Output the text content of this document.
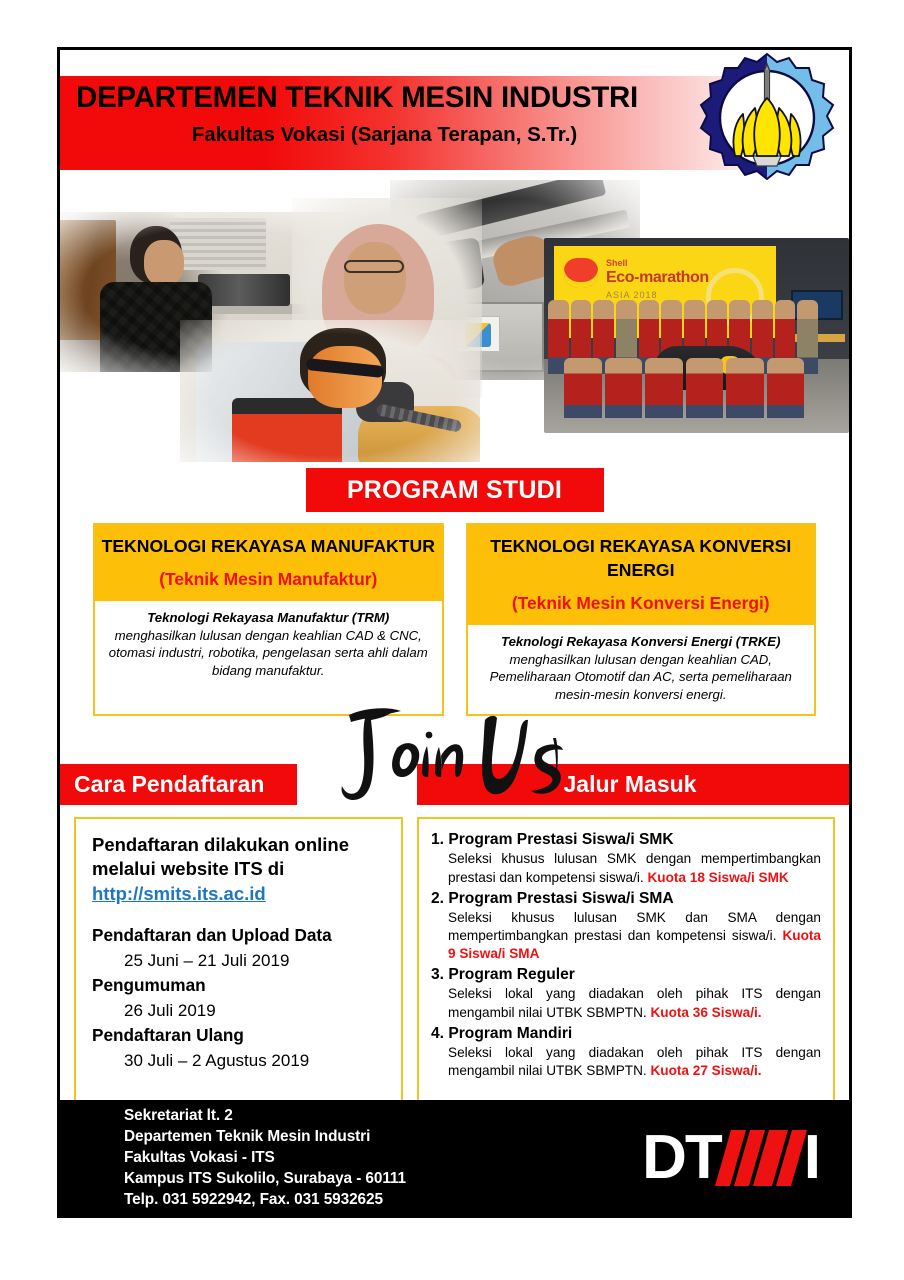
DEPARTEMEN TEKNIK MESIN INDUSTRI
Fakultas Vokasi (Sarjana Terapan, S.Tr.)
Shell
Eco-marathon
ASIA 2018
PROGRAM STUDI
TEKNOLOGI REKAYASA MANUFAKTUR
(Teknik Mesin Manufaktur)
Teknologi Rekayasa Manufaktur (TRM) menghasilkan lulusan dengan keahlian CAD & CNC, otomasi industri, robotika, pengelasan serta ahli dalam bidang manufaktur.
TEKNOLOGI REKAYASA KONVERSI ENERGI
(Teknik Mesin Konversi Energi)
Teknologi Rekayasa Konversi Energi (TRKE) menghasilkan lulusan dengan keahlian CAD, Pemeliharaan Otomotif dan AC, serta pemeliharaan mesin-mesin konversi energi.
Cara Pendaftaran
Pendaftaran dilakukan online
melalui website ITS di
http://smits.its.ac.id
Pendaftaran dan Upload Data
25 Juni – 21 Juli 2019
Pengumuman
26 Juli 2019
Pendaftaran Ulang
30 Juli – 2 Agustus 2019
Jalur Masuk
1. Program Prestasi Siswa/i SMK
Seleksi khusus lulusan SMK dengan mempertimbangkan prestasi dan kompetensi siswa/i. Kuota 18 Siswa/i SMK
2. Program Prestasi Siswa/i SMA
Seleksi khusus lulusan SMK dan SMA dengan mempertimbangkan prestasi dan kompetensi siswa/i. Kuota 9 Siswa/i SMA
3. Program Reguler
Seleksi lokal yang diadakan oleh pihak ITS dengan mengambil nilai UTBK SBMPTN. Kuota 36 Siswa/i.
4. Program Mandiri
Seleksi lokal yang diadakan oleh pihak ITS dengan mengambil nilai UTBK SBMPTN. Kuota 27 Siswa/i.
Sekretariat lt. 2
Departemen Teknik Mesin Industri
Fakultas Vokasi - ITS
Kampus ITS Sukolilo, Surabaya - 60111
Telp. 031 5922942, Fax. 031 5932625
DT I
